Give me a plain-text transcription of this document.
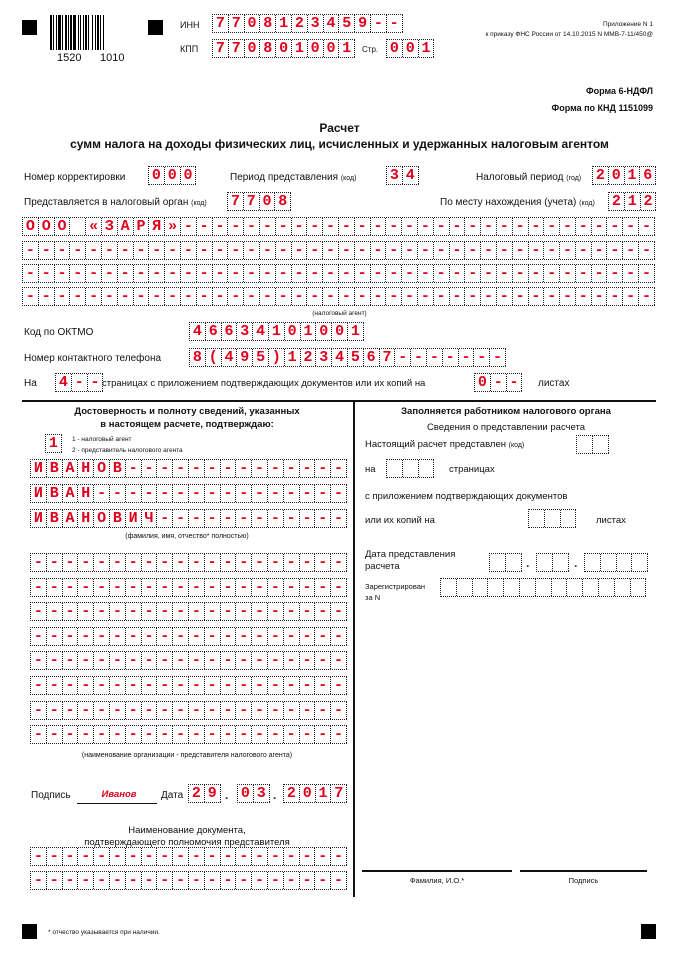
1520 1010
ИНН 7 7 0 8 1 2 3 4 5 9 - -
КПП 7 7 0 8 0 1 0 0 1	Стр. 0 0 1
Приложение N 1
к приказу ФНС России от 14.10.2015 N ММВ-7-11/450@
Форма 6-НДФЛ
Форма по КНД 1151099
Расчет
сумм налога на доходы физических лиц, исчисленных и удержанных налоговым агентом
Номер корректировки 0 0 0	Период представления (код) 3 4	Налоговый период (год) 2 0 1 6
Представляется в налоговый орган (код) 7 7 0 8	По месту нахождения (учета) (код) 2 1 2
О О О « З А Р Я » - - - - - - - - - - - - - - - - - - - - - - - - - - - - - -
- - - - - - - - - - - - - - - - - - - - - - - - - - - - - - - - - - - - - - - -
- - - - - - - - - - - - - - - - - - - - - - - - - - - - - - - - - - - - - - - -
- - - - - - - - - - - - - - - - - - - - - - - - - - - - - - - - - - - - - - - -
(налоговый агент)
Код по ОКТМО	4 6 6 3 4 1 0 1 0 0 1
Номер контактного телефона 8 ( 4 9 5 ) 1 2 3 4 5 6 7 - - - - - - -
На 4 - - страницах с приложением подтверждающих документов или их копий на	0 - -	листах
Достоверность и полноту сведений, указанных
в настоящем расчете, подтверждаю:
1	1 - налоговый агент
2 - представитель налогового агента
И В А Н О В - - - - - - - - - - - - - -
И В А Н - - - - - - - - - - - - - - - -
И В А Н О В И Ч - - - - - - - - - - - -
(фамилия, имя, отчество* полностью)
- - - - - - - - - - - - - - - - - - - -
- - - - - - - - - - - - - - - - - - - -
- - - - - - - - - - - - - - - - - - - -
- - - - - - - - - - - - - - - - - - - -
- - - - - - - - - - - - - - - - - - - -
- - - - - - - - - - - - - - - - - - - -
- - - - - - - - - - - - - - - - - - - -
- - - - - - - - - - - - - - - - - - - -
(наименование организации - представителя налогового агента)
Подпись	Иванов	Дата 2 9 . 0 3 . 2 0 1 7
Наименование документа,
подтверждающего полномочия представителя
- - - - - - - - - - - - - - - - - - - -
- - - - - - - - - - - - - - - - - - - -
Заполняется работником налогового органа
Сведения о представлении расчета
Настоящий расчет представлен (код)
на	страницах
с приложением подтверждающих документов
или их копий на	листах
Дата представления
расчета	.	.
Зарегистрирован
за N
Фамилия, И.О.*	Подпись
* отчество указывается при наличии.
